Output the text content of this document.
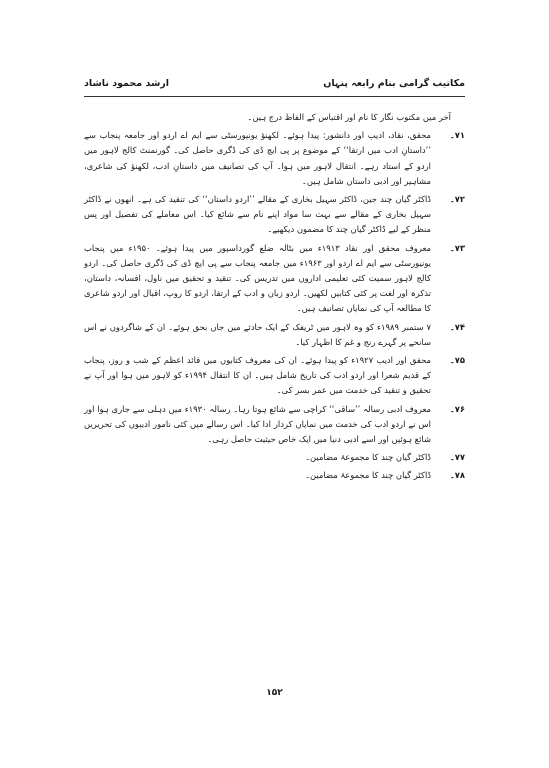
ارشد محمود ناشاد	مکاتیب گرامی بنام رابعہ پنہاں

آخر میں مکتوب نگار کا نام اور اقتباس کے الفاظ درج ہیں۔

۷۱۔
محقق، نقاد، ادیب اور دانشور: پیدا ہوئے۔ لکھنؤ یونیورسٹی سے ایم اے اردو اور جامعہ پنجاب سے ’’داستانِ ادب میں ارتقا‘‘ کے موضوع پر پی ایچ ڈی کی ڈگری حاصل کی۔ گورنمنٹ کالج لاہور میں اردو کے استاد رہے۔ انتقال لاہور میں ہوا۔ آپ کی تصانیف میں داستانِ ادب، لکھنؤ کی شاعری، مشاہیر اور ادبی داستان شامل ہیں۔
۷۲۔
ڈاکٹر گیان چند جین، ڈاکٹر سہیل بخاری کے مقالے ’’اردو داستان‘‘ کی تنقید کی ہے۔ انھوں نے ڈاکٹر سہیل بخاری کے مقالے سے بہت سا مواد اپنے نام سے شائع کیا۔ اس معاملے کی تفصیل اور پس منظر کے لیے ڈاکٹر گیان چند کا مضمون دیکھیے۔
۷۳۔
معروف محقق اور نقاد ۱۹۱۳ء میں بٹالہ ضلع گورداسپور میں پیدا ہوئے۔ ۱۹۵۰ء میں پنجاب یونیورسٹی سے ایم اے اردو اور ۱۹۶۳ء میں جامعہ پنجاب سے پی ایچ ڈی کی ڈگری حاصل کی۔ اردو کالج لاہور سمیت کئی تعلیمی اداروں میں تدریس کی۔ تنقید و تحقیق میں ناول، افسانہ، داستان، تذکرہ اور لغت پر کئی کتابیں لکھیں۔ اردو زبان و ادب کے ارتقا، اردو کا روپ، اقبال اور اردو شاعری کا مطالعہ آپ کی نمایاں تصانیف ہیں۔
۷۴۔
۷ ستمبر ۱۹۸۹ء کو وہ لاہور میں ٹریفک کے ایک حادثے میں جاں بحق ہوئے۔ ان کے شاگردوں نے اس سانحے پر گہرے رنج و غم کا اظہار کیا۔
۷۵۔
محقق اور ادیب ۱۹۲۷ء کو پیدا ہوئے۔ ان کی معروف کتابوں میں قائد اعظم کے شب و روز، پنجاب کے قدیم شعرا اور اردو ادب کی تاریخ شامل ہیں۔ ان کا انتقال ۱۹۹۴ء کو لاہور میں ہوا اور آپ نے تحقیق و تنقید کی خدمت میں عمر بسر کی۔
۷۶۔
معروف ادبی رسالہ ’’ساقی‘‘ کراچی سے شائع ہوتا رہا۔ رسالہ ۱۹۳۰ء میں دہلی سے جاری ہوا اور اس نے اردو ادب کی خدمت میں نمایاں کردار ادا کیا۔ اس رسالے میں کئی نامور ادیبوں کی تحریریں شائع ہوئیں اور اسے ادبی دنیا میں ایک خاص حیثیت حاصل رہی۔
۷۷۔
ڈاکٹر گیان چند کا مجموعۂ مضامین۔
۷۸۔
ڈاکٹر گیان چند کا مجموعۂ مضامین۔
۱۵۲
